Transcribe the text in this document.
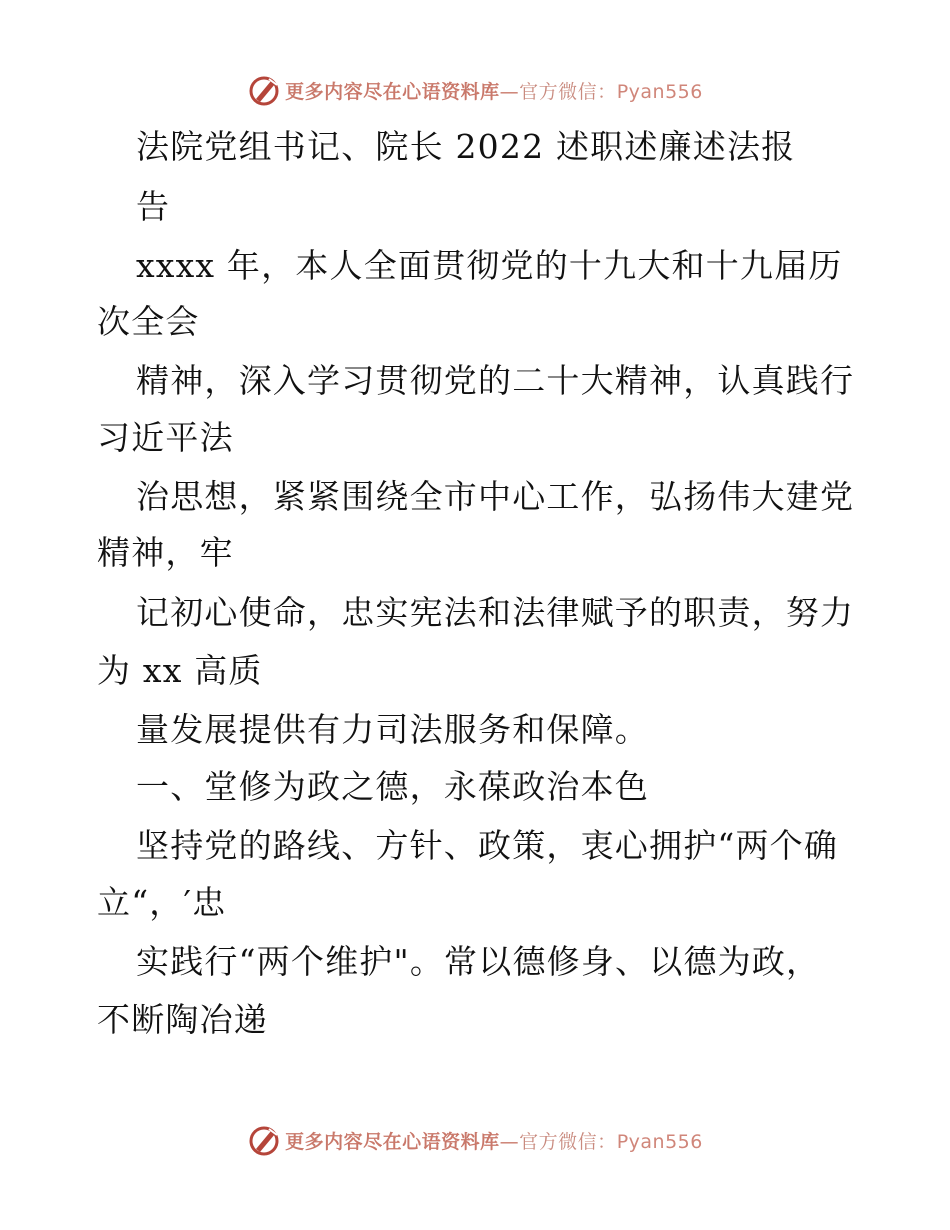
更多内容尽在心语资料库—官方微信：Pyan556
法院党组书记、院长 2022 述职述廉述法报
告
xxxx 年，本人全面贯彻党的十九大和十九届历
次全会
精神，深入学习贯彻党的二十大精神，认真践行
习近平法
治思想，紧紧围绕全市中心工作，弘扬伟大建党
精神，牢
记初心使命，忠实宪法和法律赋予的职责，努力
为 xx 高质
量发展提供有力司法服务和保障。
一、堂修为政之德，永葆政治本色
坚持党的路线、方针、政策，衷心拥护“两个确
立“，′忠
实践行“两个维护"。常以德修身、以德为政，
不断陶冶递
更多内容尽在心语资料库—官方微信：Pyan556
